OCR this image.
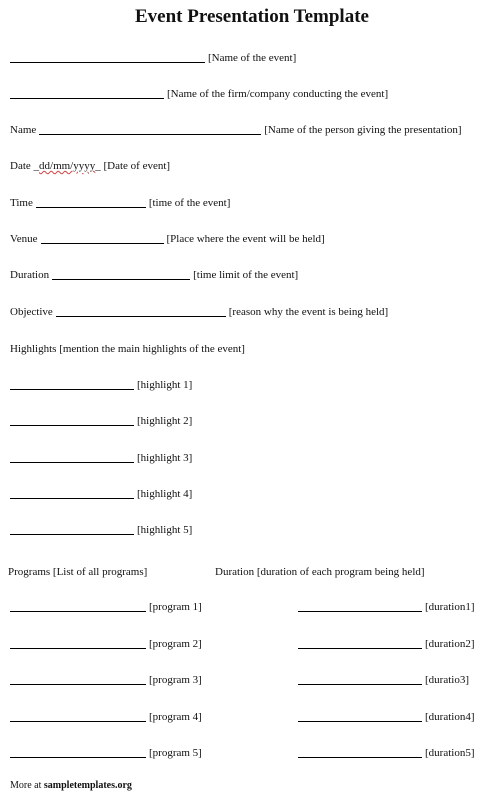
Event Presentation Template
[Name of the event]
[Name of the firm/company conducting the event]
Name	[Name of the person giving the presentation]
Date _ dd/mm/yyyy _ [Date of event]
Time	[time of the event]
Venue	[Place where the event will be held]
Duration	[time limit of the event]
Objective	[reason why the event is being held]
Highlights [mention the main highlights of the event]
[highlight 1]
[highlight 2]
[highlight 3]
[highlight 4]
[highlight 5]
Programs [List of all programs]	Duration [duration of each program being held]
[program 1]	[duration1]
[program 2]	[duration2]
[program 3]	[duratio3]
[program 4]	[duration4]
[program 5]	[duration5]
More at sampletemplates.org
